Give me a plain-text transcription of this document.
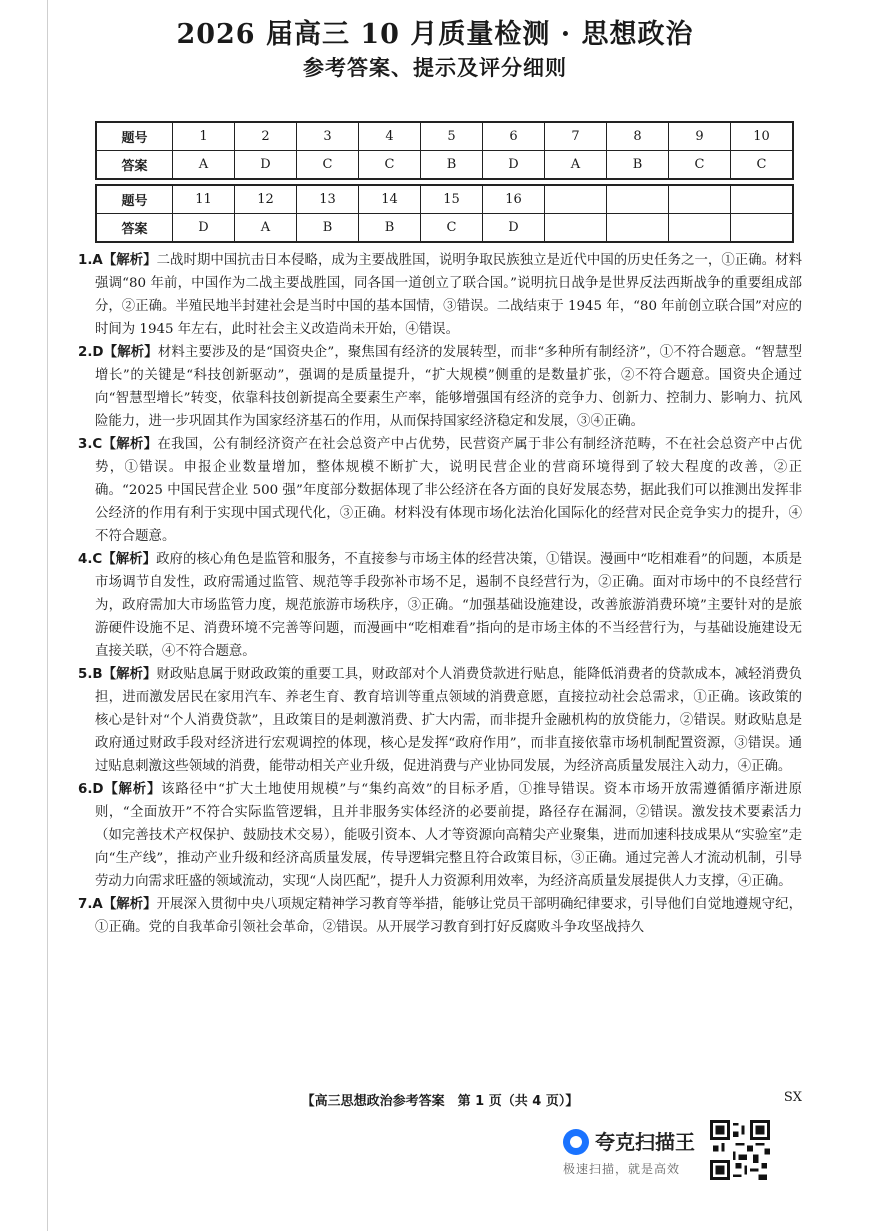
2026 届高三 10 月质量检测 · 思想政治
参考答案、提示及评分细则
题号	1	2	3	4	5	6	7	8	9	10
答案	A	D	C	C	B	D	A	B	C	C
题号	11	12	13	14	15	16				
答案	D	A	B	B	C	D				

1.A【解析】二战时期中国抗击日本侵略，成为主要战胜国，说明争取民族独立是近代中国的历史任务之一，①正确。材料强调“80 年前，中国作为二战主要战胜国，同各国一道创立了联合国。”说明抗日战争是世界反法西斯战争的重要组成部分，②正确。半殖民地半封建社会是当时中国的基本国情，③错误。二战结束于 1945 年，“80 年前创立联合国”对应的时间为 1945 年左右，此时社会主义改造尚未开始，④错误。

2.D【解析】材料主要涉及的是“国资央企”，聚焦国有经济的发展转型，而非“多种所有制经济”，①不符合题意。“智慧型增长”的关键是“科技创新驱动”，强调的是质量提升，“扩大规模”侧重的是数量扩张，②不符合题意。国资央企通过向“智慧型增长”转变，依靠科技创新提高全要素生产率，能够增强国有经济的竞争力、创新力、控制力、影响力、抗风险能力，进一步巩固其作为国家经济基石的作用，从而保持国家经济稳定和发展，③④正确。

3.C【解析】在我国，公有制经济资产在社会总资产中占优势，民营资产属于非公有制经济范畴，不在社会总资产中占优势，①错误。申报企业数量增加，整体规模不断扩大，说明民营企业的营商环境得到了较大程度的改善，②正确。“2025 中国民营企业 500 强”年度部分数据体现了非公经济在各方面的良好发展态势，据此我们可以推测出发挥非公经济的作用有利于实现中国式现代化，③正确。材料没有体现市场化法治化国际化的经营对民企竞争实力的提升，④不符合题意。

4.C【解析】政府的核心角色是监管和服务，不直接参与市场主体的经营决策，①错误。漫画中“吃相难看”的问题，本质是市场调节自发性，政府需通过监管、规范等手段弥补市场不足，遏制不良经营行为，②正确。面对市场中的不良经营行为，政府需加大市场监管力度，规范旅游市场秩序，③正确。“加强基础设施建设，改善旅游消费环境”主要针对的是旅游硬件设施不足、消费环境不完善等问题，而漫画中“吃相难看”指向的是市场主体的不当经营行为，与基础设施建设无直接关联，④不符合题意。

5.B【解析】财政贴息属于财政政策的重要工具，财政部对个人消费贷款进行贴息，能降低消费者的贷款成本，减轻消费负担，进而激发居民在家用汽车、养老生育、教育培训等重点领域的消费意愿，直接拉动社会总需求，①正确。该政策的核心是针对“个人消费贷款”，且政策目的是刺激消费、扩大内需，而非提升金融机构的放贷能力，②错误。财政贴息是政府通过财政手段对经济进行宏观调控的体现，核心是发挥“政府作用”，而非直接依靠市场机制配置资源，③错误。通过贴息刺激这些领域的消费，能带动相关产业升级，促进消费与产业协同发展，为经济高质量发展注入动力，④正确。

6.D【解析】该路径中“扩大土地使用规模”与“集约高效”的目标矛盾，①推导错误。资本市场开放需遵循循序渐进原则，“全面放开”不符合实际监管逻辑，且并非服务实体经济的必要前提，路径存在漏洞，②错误。激发技术要素活力（如完善技术产权保护、鼓励技术交易），能吸引资本、人才等资源向高精尖产业聚集，进而加速科技成果从“实验室”走向“生产线”，推动产业升级和经济高质量发展，传导逻辑完整且符合政策目标，③正确。通过完善人才流动机制，引导劳动力向需求旺盛的领域流动，实现“人岗匹配”，提升人力资源利用效率，为经济高质量发展提供人力支撑，④正确。

7.A【解析】开展深入贯彻中央八项规定精神学习教育等举措，能够让党员干部明确纪律要求，引导他们自觉地遵规守纪，①正确。党的自我革命引领社会革命，②错误。从开展学习教育到打好反腐败斗争攻坚战持久

【高三思想政治参考答案　第 1 页（共 4 页）】	SX
夸克扫描王
极速扫描，就是高效
